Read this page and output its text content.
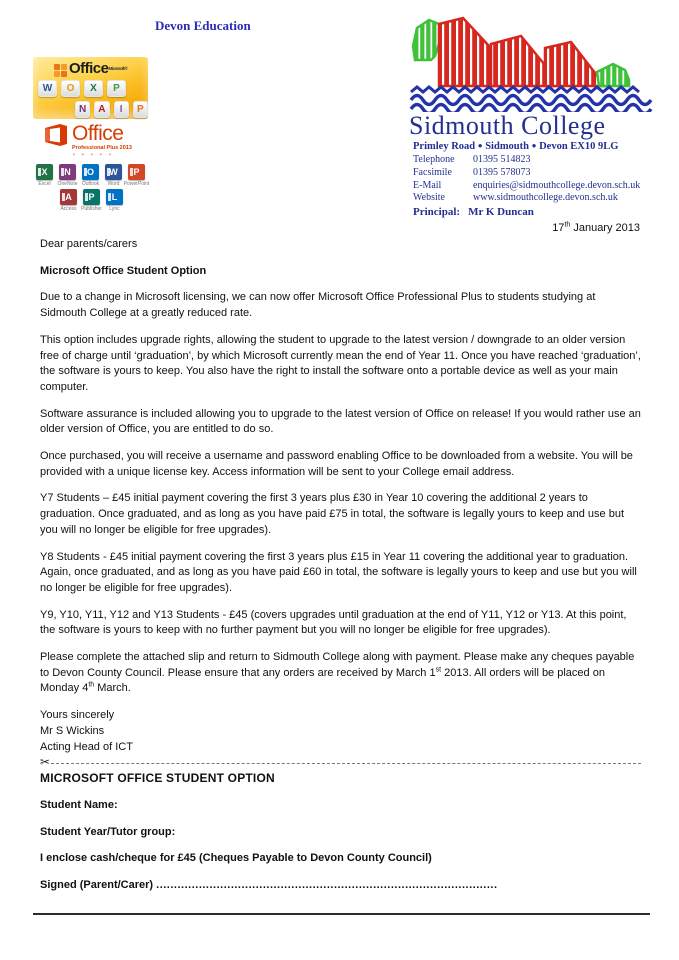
Devon Education
Office$^{Microsoft®}$
W	O	X	P
N	A	I	P
Office
Professional Plus 2013
✶ ✶ ✶ ✶ ✶
X
Excel
N
OneNote
O
Outlook
W
Word
P
PowerPoint
A
Access
P
Publisher
L
Lync
Sidmouth College
Primley Road ● Sidmouth ● Devon EX10 9LG
Telephone	01395 514823
Facsimile	01395 578073
E-Mail	enquiries@sidmouthcollege.devon.sch.uk
Website	www.sidmouthcollege.devon.sch.uk
Principal: Mr K Duncan
17th January 2013

Dear parents/carers

Microsoft Office Student Option

Due to a change in Microsoft licensing, we can now offer Microsoft Office Professional Plus to students studying at Sidmouth College at a greatly reduced rate.

This option includes upgrade rights, allowing the student to upgrade to the latest version / downgrade to an older version free of charge until ‘graduation’, by which Microsoft currently mean the end of Year 11. Once you have reached ‘graduation’, the software is yours to keep. You also have the right to install the software onto a portable device as well as your main computer.

Software assurance is included allowing you to upgrade to the latest version of Office on release! If you would rather use an older version of Office, you are entitled to do so.

Once purchased, you will receive a username and password enabling Office to be downloaded from a website. You will be provided with a unique license key. Access information will be sent to your College email address.

Y7 Students – £45 initial payment covering the first 3 years plus £30 in Year 10 covering the additional 2 years to graduation. Once graduated, and as long as you have paid £75 in total, the software is legally yours to keep and use but you will no longer be eligible for free upgrades).

Y8 Students - £45 initial payment covering the first 3 years plus £15 in Year 11 covering the additional year to graduation. Again, once graduated, and as long as you have paid £60 in total, the software is legally yours to keep and use but you will no longer be eligible for free upgrades).

Y9, Y10, Y11, Y12 and Y13 Students - £45 (covers upgrades until graduation at the end of Y11, Y12 or Y13. At this point, the software is yours to keep with no further payment but you will no longer be eligible for free upgrades).

Please complete the attached slip and return to Sidmouth College along with payment. Please make any cheques payable to Devon County Council. Please ensure that any orders are received by March 1st 2013. All orders will be placed on Monday 4th March.

Yours sincerely

Mr S Wickins

Acting Head of ICT

✂

MICROSOFT OFFICE STUDENT OPTION

Student Name:

Student Year/Tutor group:

I enclose cash/cheque for £45 (Cheques Payable to Devon County Council)

Signed (Parent/Carer) ................................................................................................
